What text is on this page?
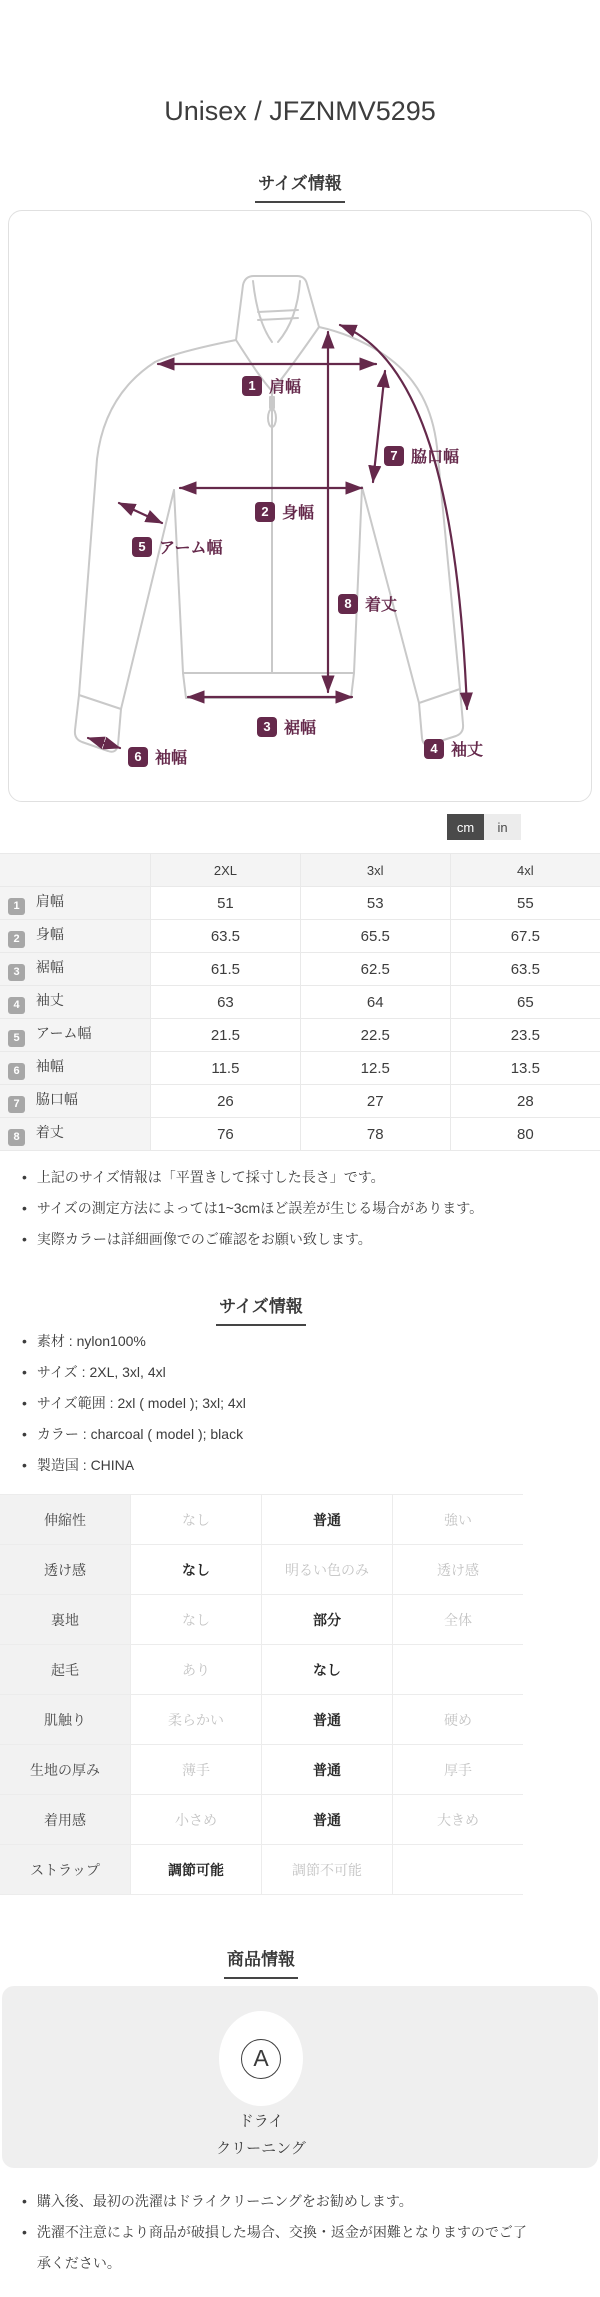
Unisex / JFZNMV5295
サイズ情報
1 肩幅
2 身幅
3 裾幅
4 袖丈
5 アーム幅
6 袖幅
7 脇口幅
8 着丈
cm	in
	2XL	3xl	4xl
1 肩幅	51	53	55
2 身幅	63.5	65.5	67.5
3 裾幅	61.5	62.5	63.5
4 袖丈	63	64	65
5 アーム幅	21.5	22.5	23.5
6 袖幅	11.5	12.5	13.5
7 脇口幅	26	27	28
8 着丈	76	78	80
• 上記のサイズ情報は「平置きして採寸した長さ」です。
• サイズの測定方法によっては1~3cmほど誤差が生じる場合があります。
• 実際カラーは詳細画像でのご確認をお願い致します。
サイズ情報
• 素材 : nylon100%
• サイズ : 2XL, 3xl, 4xl
• サイズ範囲 : 2xl ( model ); 3xl; 4xl
• カラー : charcoal ( model ); black
• 製造国 : CHINA
伸縮性	なし	普通	強い
透け感	なし	明るい色のみ	透け感
裏地	なし	部分	全体
起毛	あり	なし	
肌触り	柔らかい	普通	硬め
生地の厚み	薄手	普通	厚手
着用感	小さめ	普通	大きめ
ストラップ	調節可能	調節不可能	
商品情報
A
ドライ
クリーニング
• 購入後、最初の洗濯はドライクリーニングをお勧めします。
• 洗濯不注意により商品が破損した場合、交換・返金が困難となりますのでご了承ください。
